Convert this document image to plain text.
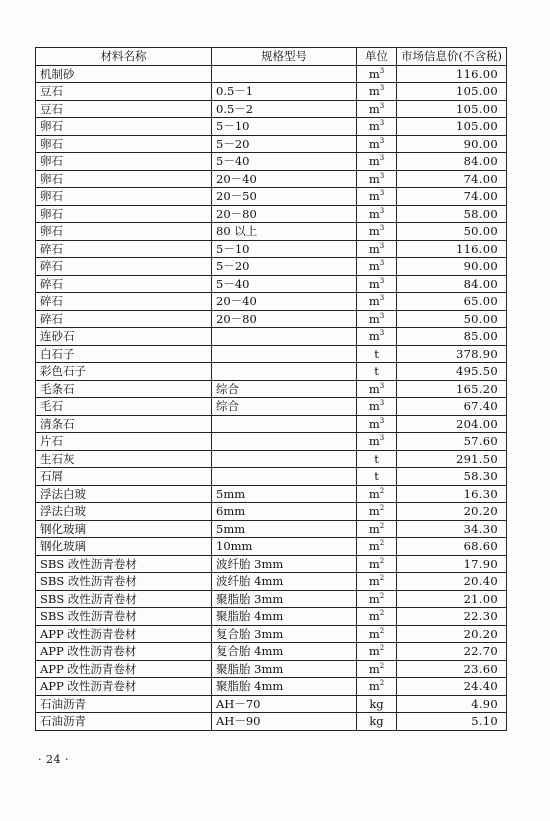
材料名称	规格型号	单位	市场信息价(不含税)
机制砂		$m^3$	116.00
豆石	0.5－1	$m^3$	105.00
豆石	0.5－2	$m^3$	105.00
卵石	5－10	$m^3$	105.00
卵石	5－20	$m^3$	90.00
卵石	5－40	$m^3$	84.00
卵石	20－40	$m^3$	74.00
卵石	20－50	$m^3$	74.00
卵石	20－80	$m^3$	58.00
卵石	80 以上	$m^3$	50.00
碎石	5－10	$m^3$	116.00
碎石	5－20	$m^3$	90.00
碎石	5－40	$m^3$	84.00
碎石	20－40	$m^3$	65.00
碎石	20－80	$m^3$	50.00
连砂石		$m^3$	85.00
白石子		t	378.90
彩色石子		t	495.50
毛条石	综合	$m^3$	165.20
毛石	综合	$m^3$	67.40
清条石		$m^3$	204.00
片石		$m^3$	57.60
生石灰		t	291.50
石屑		t	58.30
浮法白玻	5mm	$m^2$	16.30
浮法白玻	6mm	$m^2$	20.20
钢化玻璃	5mm	$m^2$	34.30
钢化玻璃	10mm	$m^2$	68.60
SBS 改性沥青卷材	波纤胎 3mm	$m^2$	17.90
SBS 改性沥青卷材	波纤胎 4mm	$m^2$	20.40
SBS 改性沥青卷材	聚脂胎 3mm	$m^2$	21.00
SBS 改性沥青卷材	聚脂胎 4mm	$m^2$	22.30
APP 改性沥青卷材	复合胎 3mm	$m^2$	20.20
APP 改性沥青卷材	复合胎 4mm	$m^2$	22.70
APP 改性沥青卷材	聚脂胎 3mm	$m^2$	23.60
APP 改性沥青卷材	聚脂胎 4mm	$m^2$	24.40
石油沥青	AH－70	kg	4.90
石油沥青	AH－90	kg	5.10
· 24 ·
